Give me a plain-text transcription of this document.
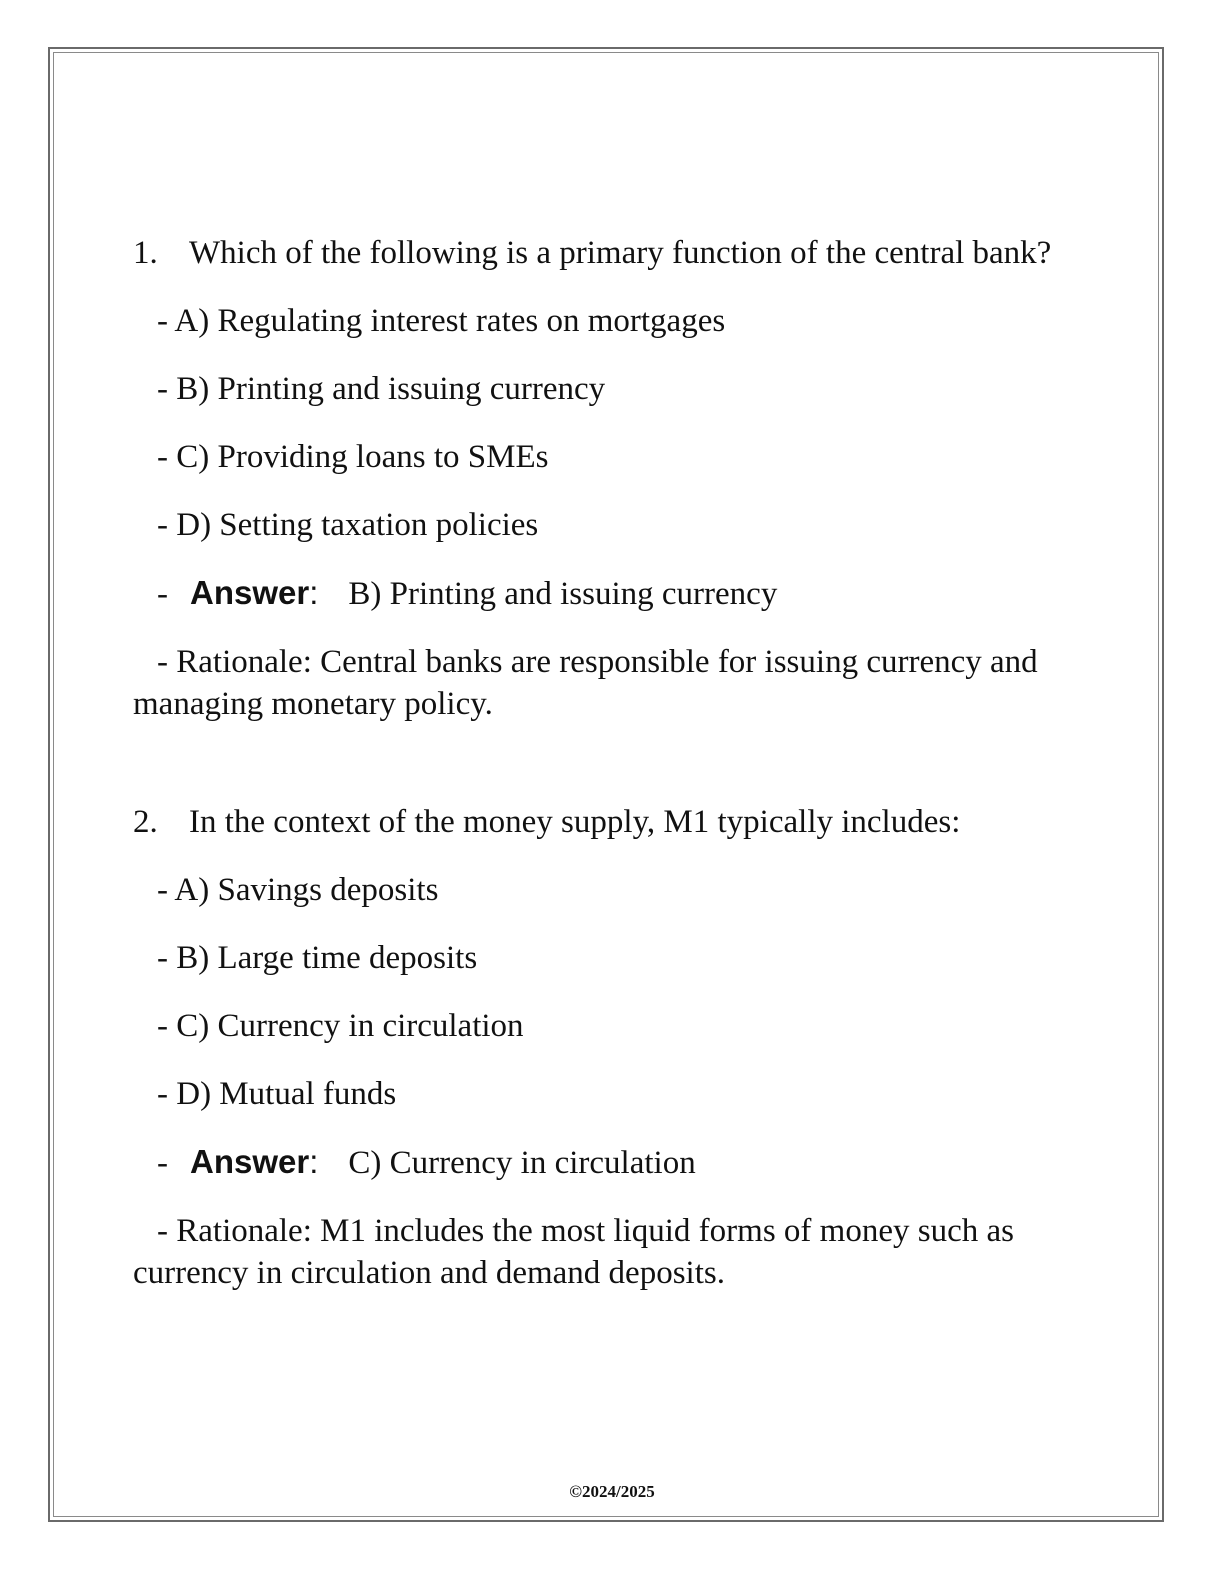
1. Which of the following is a primary function of the central bank?

- A) Regulating interest rates on mortgages

- B) Printing and issuing currency

- C) Providing loans to SMEs

- D) Setting taxation policies

- Answer: B) Printing and issuing currency

- Rationale: Central banks are responsible for issuing currency and managing monetary policy.

2. In the context of the money supply, M1 typically includes:

- A) Savings deposits

- B) Large time deposits

- C) Currency in circulation

- D) Mutual funds

- Answer: C) Currency in circulation

- Rationale: M1 includes the most liquid forms of money such as currency in circulation and demand deposits.

©2024/2025
